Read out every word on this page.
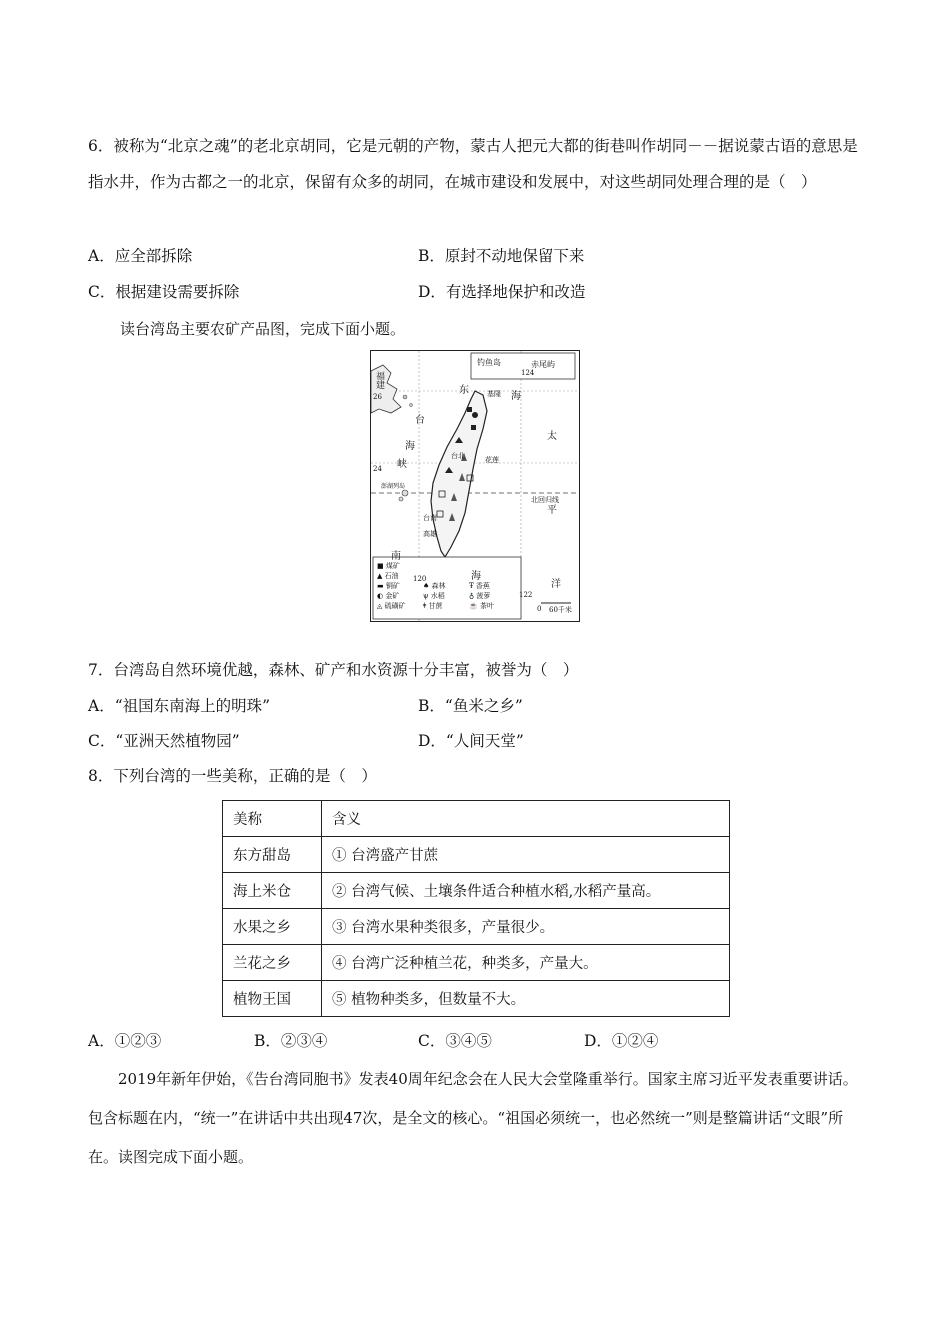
6．被称为“北京之魂”的老北京胡同，它是元朝的产物，蒙古人把元大都的街巷叫作胡同－－据说蒙古语的意思是指水井，作为古都之一的北京，保留有众多的胡同，在城市建设和发展中，对这些胡同处理合理的是（　）
A．应全部拆除	B．原封不动地保留下来
C．根据建设需要拆除	D．有选择地保护和改造
读台湾岛主要农矿产品图，完成下面小题。
钓鱼岛	赤尾屿
124
福建
26
东
海
基隆
台
海
峡
台北
24
花莲
太
平
洋
北回归线
澎湖列岛
台南
高雄
南
海
120
122
0 60千米
■ 煤矿
▲ 石油
▬ 铜矿
◐ 金矿
◬ 硫磺矿
♠ 森林
ψ 水稻
ǂ 甘蔗
Ŧ 香蕉
♁ 菠萝
☕ 茶叶
7．台湾岛自然环境优越，森林、矿产和水资源十分丰富，被誉为（　）
A．“祖国东南海上的明珠”	B．“鱼米之乡”
C．“亚洲天然植物园”	D．“人间天堂”
8．下列台湾的一些美称，正确的是（　）
美称	含义
东方甜岛	① 台湾盛产甘蔗
海上米仓	② 台湾气候、土壤条件适合种植水稻,水稻产量高。
水果之乡	③ 台湾水果种类很多，产量很少。
兰花之乡	④ 台湾广泛种植兰花，种类多，产量大。
植物王国	⑤ 植物种类多，但数量不大。
A．①②③	B．②③④	C．③④⑤	D．①②④
2019年新年伊始，《告台湾同胞书》发表40周年纪念会在人民大会堂隆重举行。国家主席习近平发表重要讲话。包含标题在内，“统一”在讲话中共出现47次，是全文的核心。“祖国必须统一，也必然统一”则是整篇讲话“文眼”所在。读图完成下面小题。
